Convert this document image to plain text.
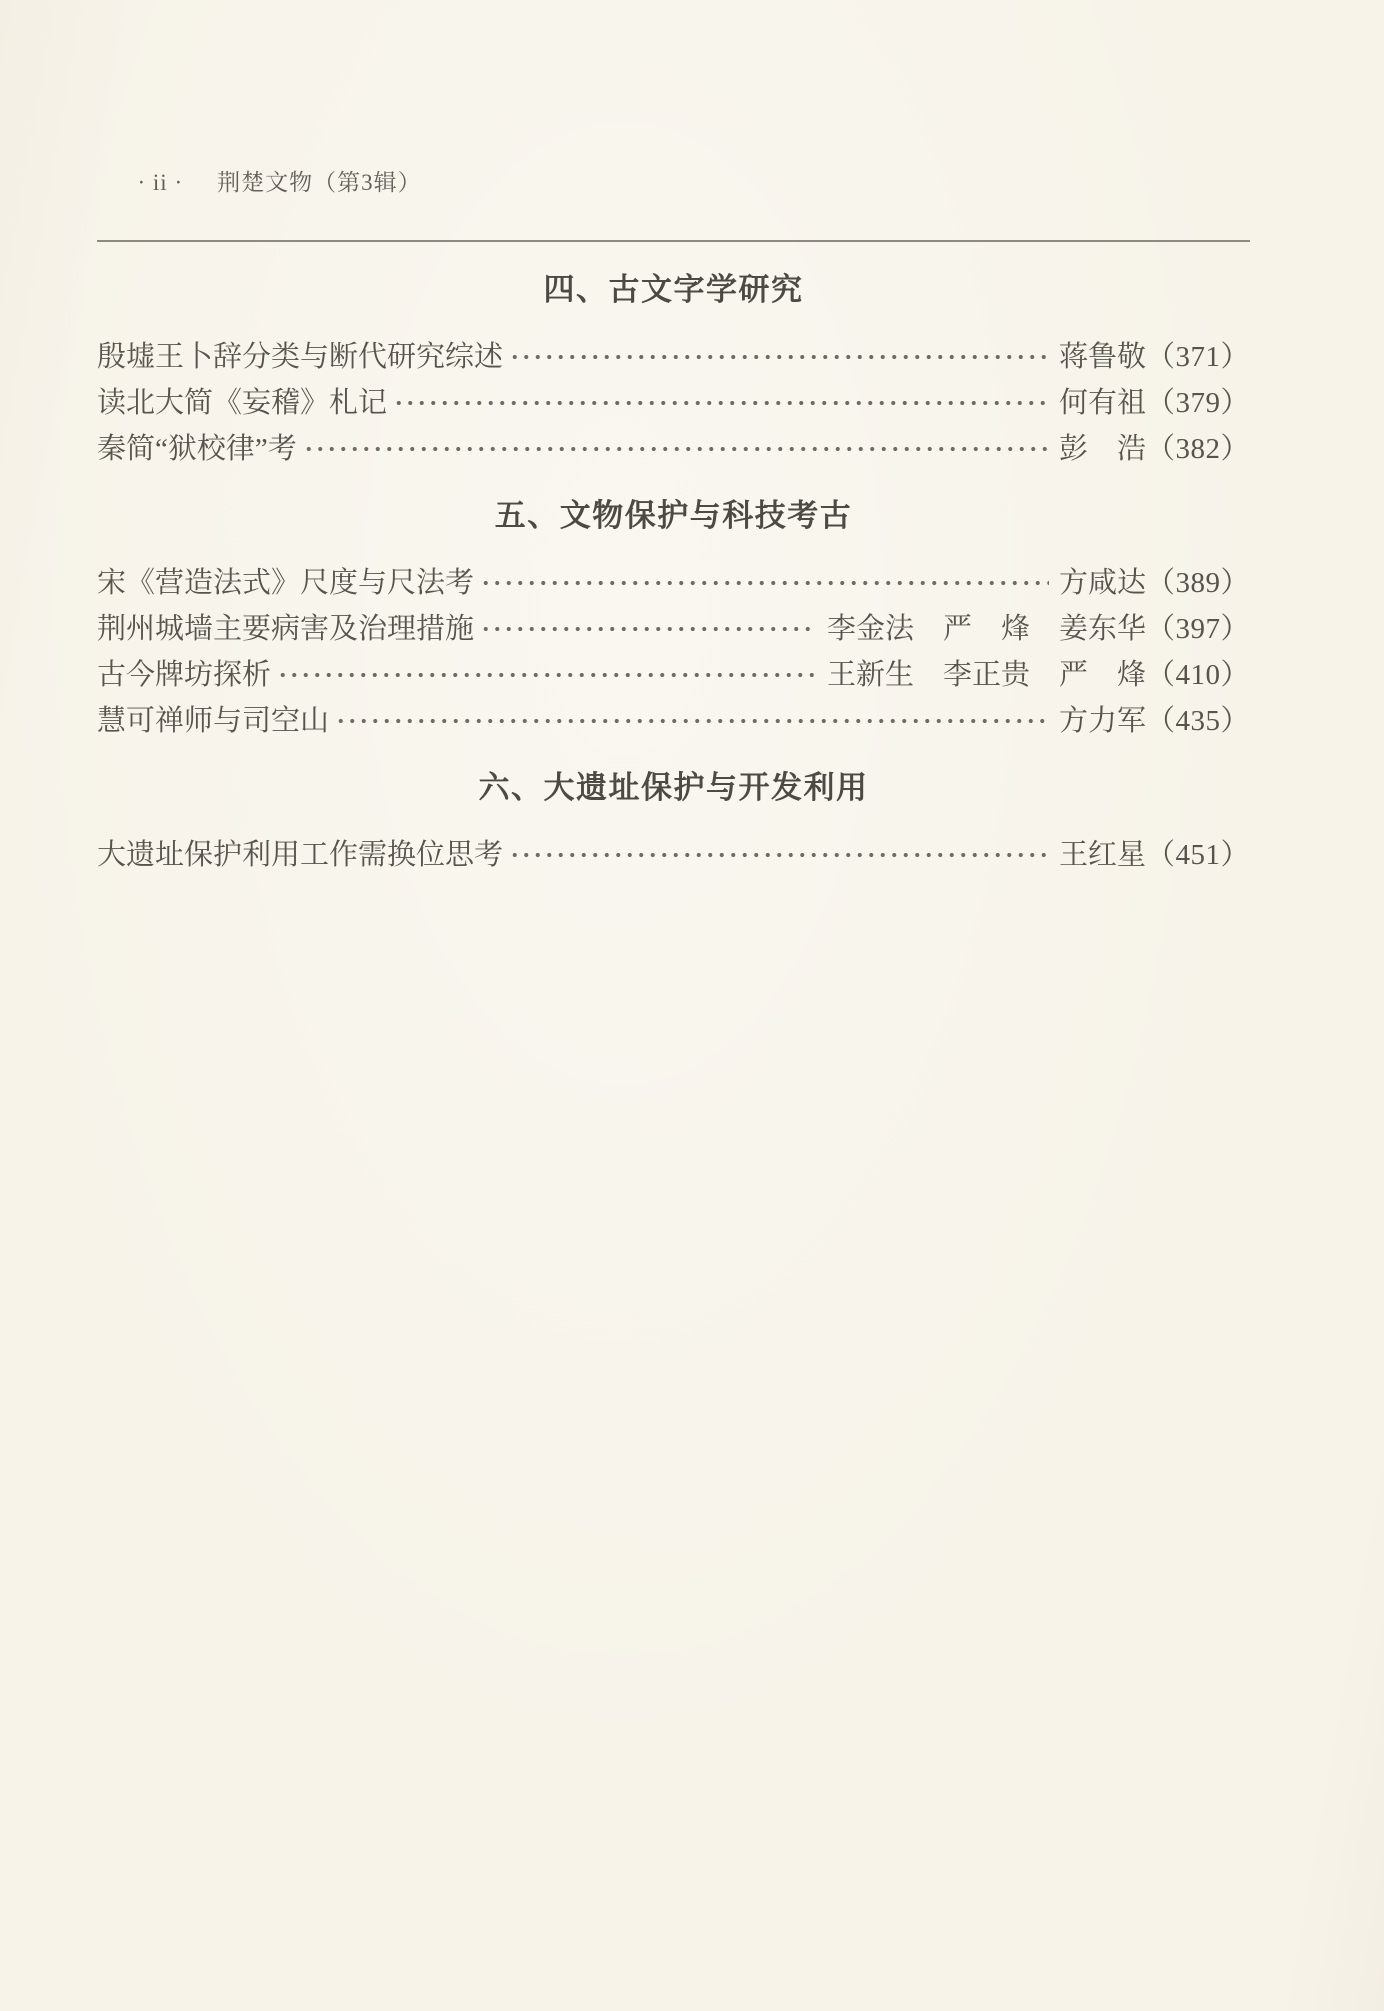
· ii · 荆楚文物（第3辑）

四、古文字学研究
殷墟王卜辞分类与断代研究综述	蒋鲁敬 （371）
读北大简《妄稽》札记	何有祖 （379）
秦简“狱校律”考	彭　浩 （382）
五、文物保护与科技考古
宋《营造法式》尺度与尺法考	方咸达 （389）
荆州城墙主要病害及治理措施	李金法　严　烽　姜东华 （397）
古今牌坊探析	王新生　李正贵　严　烽 （410）
慧可禅师与司空山	方力军 （435）
六、大遗址保护与开发利用
大遗址保护利用工作需换位思考	王红星 （451）
